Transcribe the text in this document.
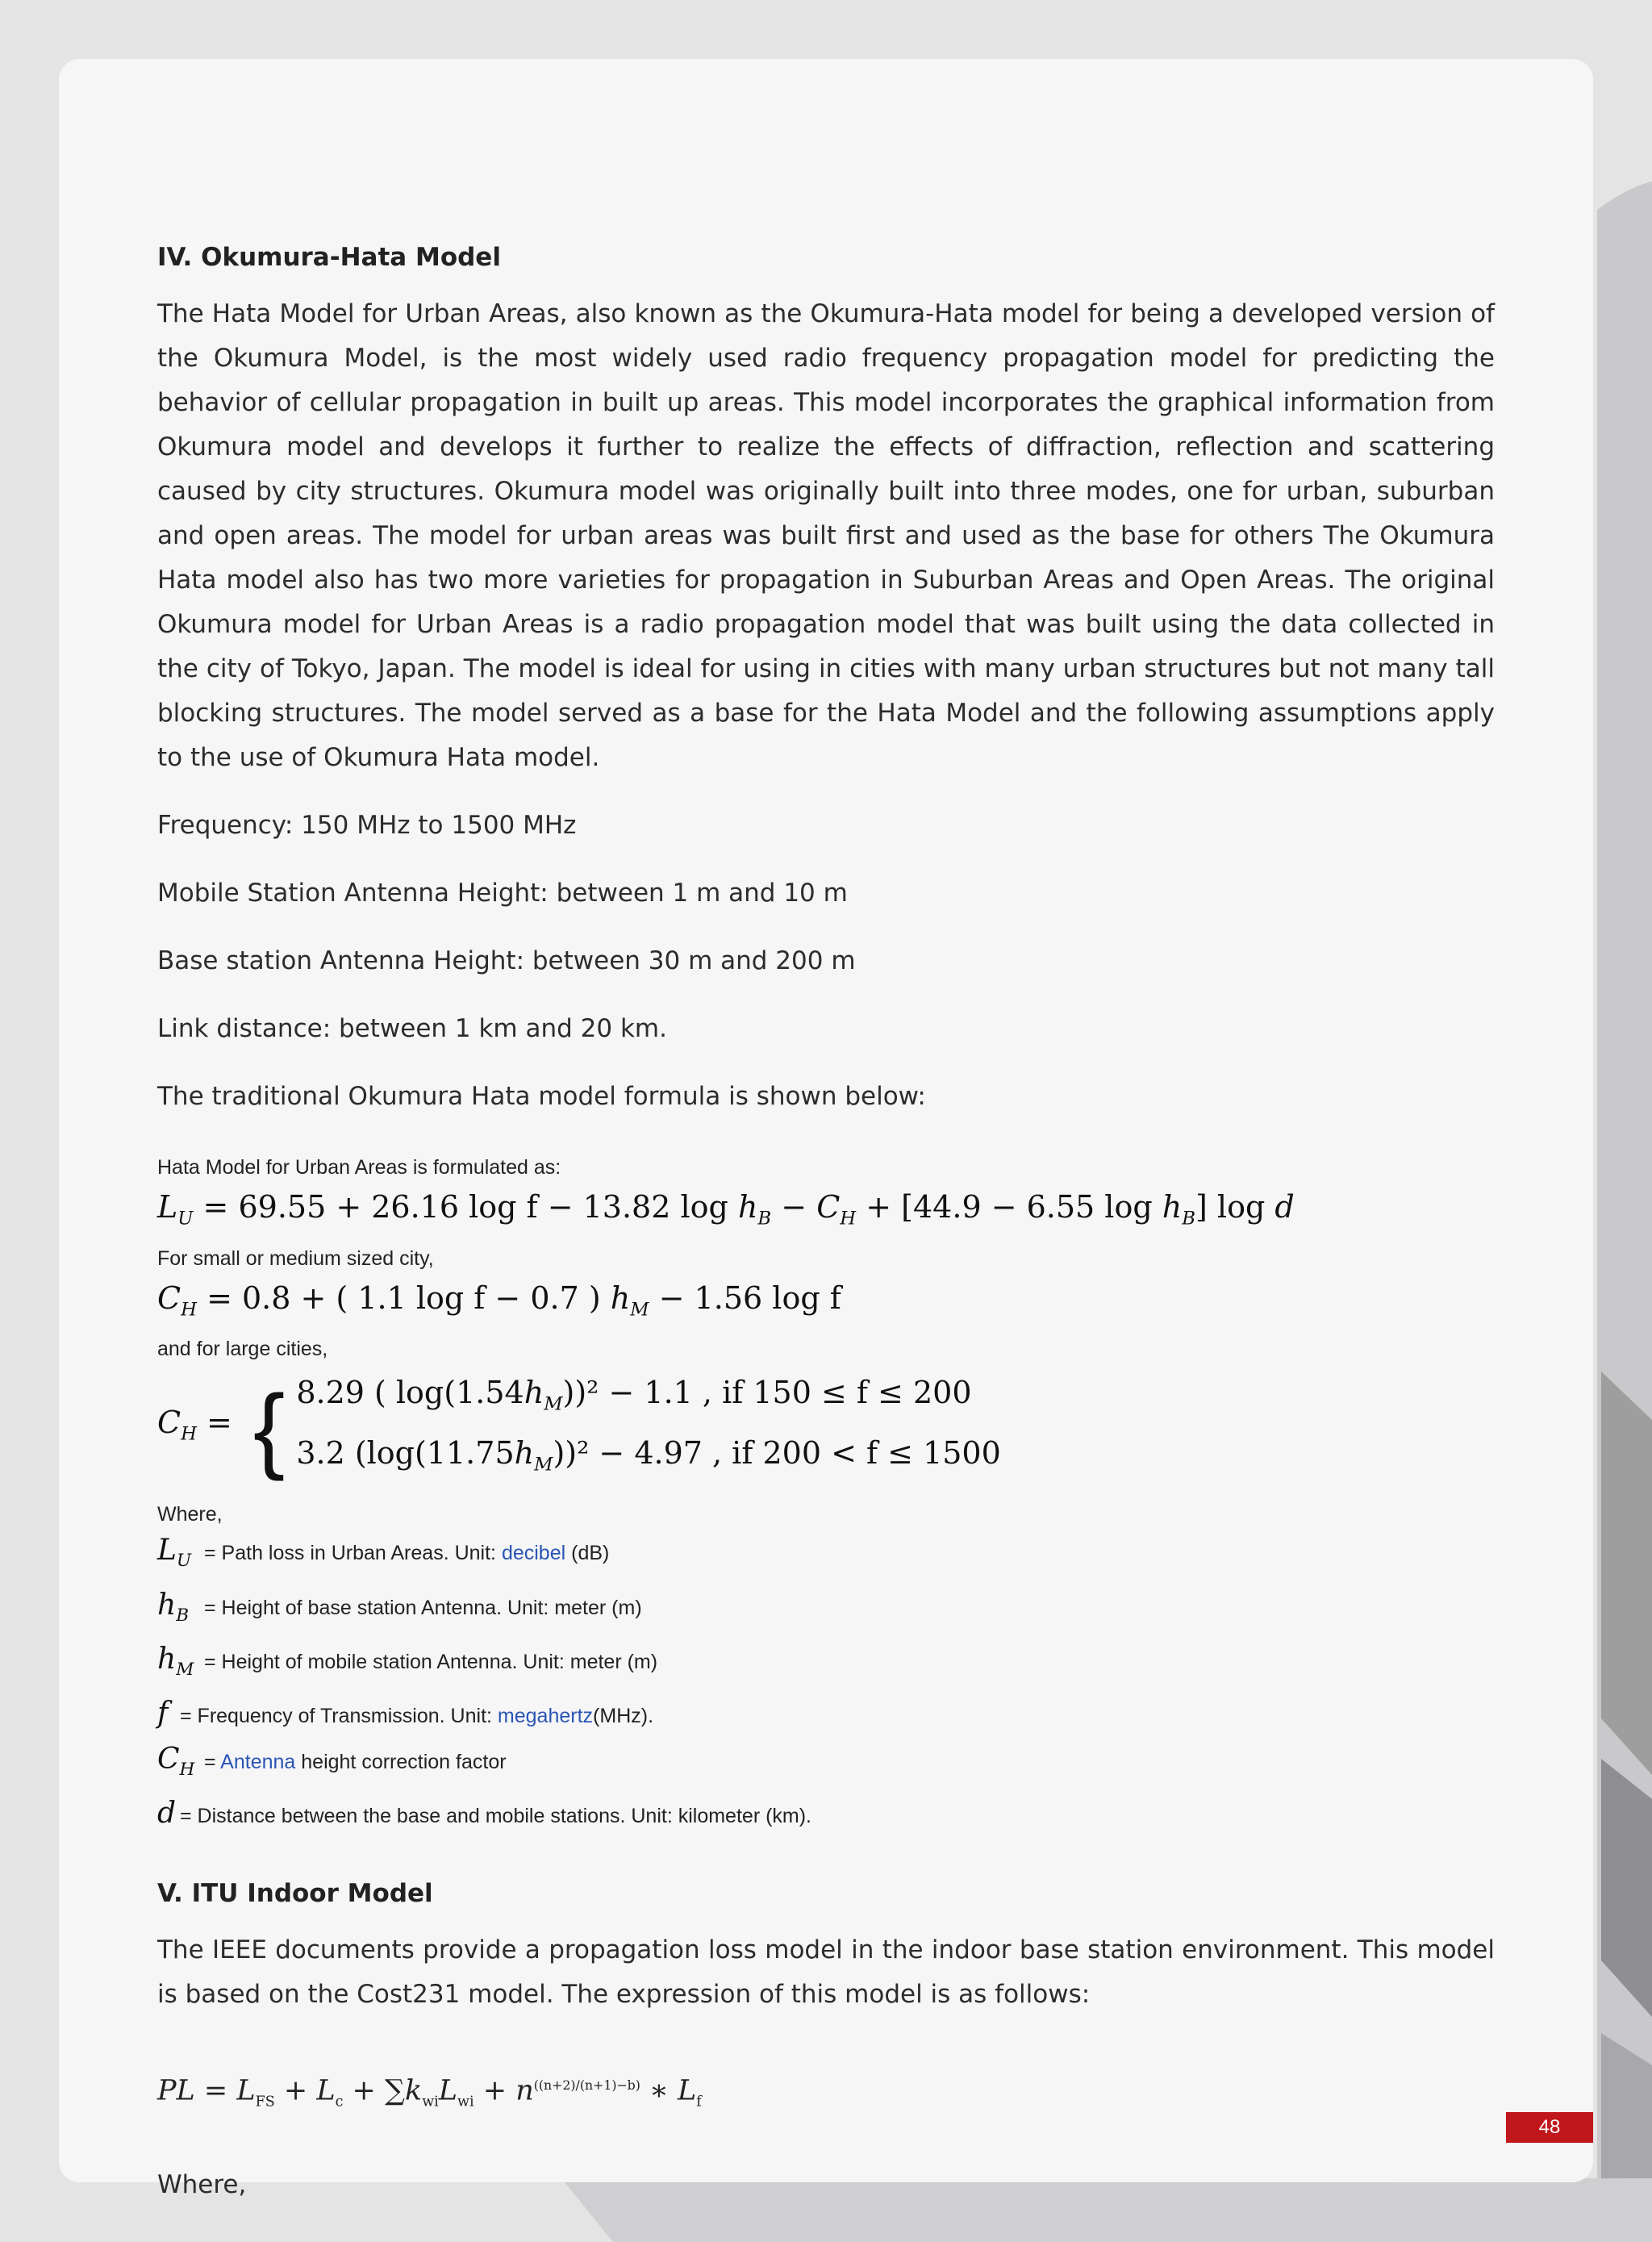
IV. Okumura-Hata Model

The Hata Model for Urban Areas, also known as the Okumura-Hata model for being a developed version of the Okumura Model, is the most widely used radio frequency propagation model for predicting the behavior of cellular propagation in built up areas. This model incorporates the graphical information from Okumura model and develops it further to realize the effects of diffraction, reflection and scattering caused by city structures. Okumura model was originally built into three modes, one for urban, suburban and open areas. The model for urban areas was built first and used as the base for others The Okumura Hata model also has two more varieties for propagation in Suburban Areas and Open Areas. The original Okumura model for Urban Areas is a radio propagation model that was built using the data collected in the city of Tokyo, Japan. The model is ideal for using in cities with many urban structures but not many tall blocking structures. The model served as a base for the Hata Model and the following assumptions apply to the use of Okumura Hata model.

Frequency: 150 MHz to 1500 MHz
Mobile Station Antenna Height: between 1 m and 10 m
Base station Antenna Height: between 30 m and 200 m
Link distance: between 1 km and 20 km.
The traditional Okumura Hata model formula is shown below:
Hata Model for Urban Areas is formulated as:
$L_U = 69.55 + 26.16$ log f − 13.82 $\log h_B - C_H + [44.9 - 6.55$ $\log h_B$] log d
For small or medium sized city,
$C_H = 0.8$ + ( 1.1 log f − 0.7 ) $h_M - 1.56$ log f
and for large cities,
$C_H$ = { 8.29 ( $\log(1.54h_M))^2 - 1.1$ , if 150 ≤ f ≤ 200
3.2 $(\log(11.75h_M))^2 - 4.97$ , if 200 < f ≤ 1500
Where,
$L_U$ = Path loss in Urban Areas. Unit: decibel (dB)
$h_B$ = Height of base station Antenna. Unit: meter (m)
$h_M$ = Height of mobile station Antenna. Unit: meter (m)
f = Frequency of Transmission. Unit: megahertz(MHz).
$C_H$ = Antenna height correction factor
d = Distance between the base and mobile stations. Unit: kilometer (km).
V. ITU Indoor Model

The IEEE documents provide a propagation loss model in the indoor base station environment. This model is based on the Cost231 model. The expression of this model is as follows:

PL = $L_{FS} + L_c + \sum k_{wi}L_{wi} + n^{((n+2)/(n+1)-b)}$ ∗ $L_f$
Where,
48
